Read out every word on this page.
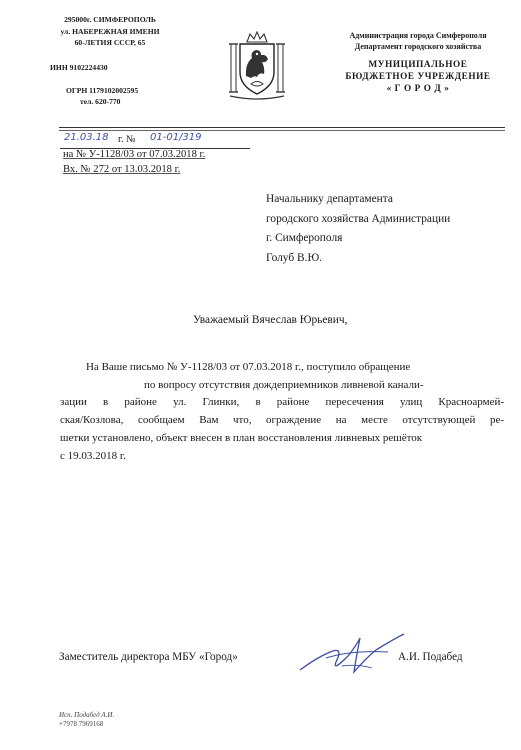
295000г. СИМФЕРОПОЛЬ
ул. НАБЕРЕЖНАЯ ИМЕНИ
60-ЛЕТИЯ СССР, 65
ИНН 9102224430
ОГРН 1179102002595
тел. 620-770
Администрация города Симферополя
Департамент городского хозяйства
МУНИЦИПАЛЬНОЕ
БЮДЖЕТНОЕ УЧРЕЖДЕНИЕ
« Г О Р О Д »
21.03.18 г. № 01-01/319
на № У-1128/03 от 07.03.2018 г.
Вх. № 272 от 13.03.2018 г.
Начальнику департамента
городского хозяйства Администрации
г. Симферополя
Голуб В.Ю.
Уважаемый Вячеслав Юрьевич,
На Ваше письмо № У-1128/03 от 07.03.2018 г., поступило обращение
по вопросу отсутствия дождеприемников ливневой канали-
зации в районе ул. Глинки, в районе пересечения улиц Красноармей-
ская/Козлова, сообщаем Вам что, ограждение на месте отсутствующей ре-
шетки установлено, объект внесен в план восстановления ливневых решёток
с 19.03.2018 г.
Заместитель директора МБУ «Город»	А.И. Подабед
Исп. Подабед А.И.
+7978 7969168
